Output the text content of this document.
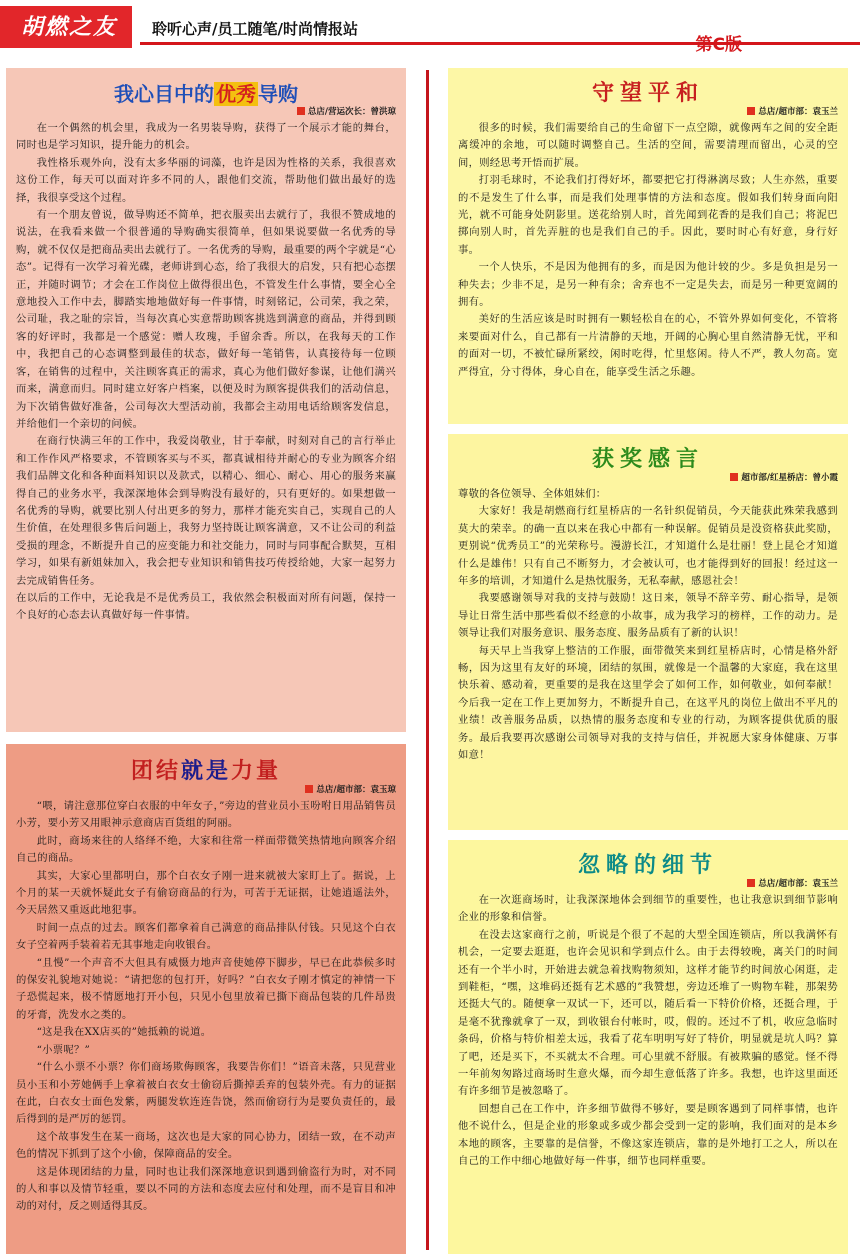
胡燃之友	聆听心声/员工随笔/时尚情报站
第C版
我心目中的 优秀 导购
总店/营运次长：曾洪琼

在一个偶然的机会里，我成为一名男装导购，获得了一个展示才能的舞台，同时也是学习知识，提升能力的机会。

我性格乐观外向，没有太多华丽的词藻，也许是因为性格的关系，我很喜欢这份工作，每天可以面对许多不同的人，跟他们交流，帮助他们做出最好的选择，我很享受这个过程。

有一个朋友曾说，做导购还不简单，把衣服卖出去就行了，我很不赞成地的说法，在我看来做一个很普通的导购确实很简单，但如果说要做一名优秀的导购，就不仅仅是把商品卖出去就行了。一名优秀的导购，最重要的两个字就是“心态”。记得有一次学习着光碟，老师讲到心态，给了我很大的启发，只有把心态摆正，并随时调节；才会在工作岗位上做得很出色，不管发生什么事情，要全心全意地投入工作中去，脚踏实地地做好每一件事情，时刻铭记，公司荣，我之荣，公司耻，我之耻的宗旨，当每次真心实意帮助顾客挑选到满意的商品，并得到顾客的好评时，我都是一个感觉：赠人玫瑰，手留余香。所以，在我每天的工作中，我把自己的心态调整到最佳的状态，做好每一笔销售，认真接待每一位顾客，在销售的过程中，关注顾客真正的需求，真心为他们做好参谋，让他们满兴而来，满意而归。同时建立好客户档案，以便及时为顾客提供我们的活动信息，为下次销售做好准备，公司每次大型活动前，我都会主动用电话给顾客发信息，并给他们一个亲切的问候。

在商行快满三年的工作中，我爱岗敬业，甘于奉献，时刻对自己的言行举止和工作作风严格要求，不管顾客买与不买，都真诚相待并耐心的专业为顾客介绍我们品牌文化和各种面料知识以及款式，以精心、细心、耐心、用心的服务来赢得自己的业务水平，我深深地体会到导购没有最好的，只有更好的。如果想做一名优秀的导购，就要比别人付出更多的努力，那样才能充实自己，实现自己的人生价值，在处理很多售后问题上，我努力坚持既让顾客满意，又不让公司的利益受损的理念，不断提升自己的应变能力和社交能力，同时与同事配合默契，互相学习，如果有新姐妹加入，我会把专业知识和销售技巧传授给她，大家一起努力去完成销售任务。

在以后的工作中，无论我是不是优秀员工，我依然会积极面对所有问题，保持一个良好的心态去认真做好每一件事情。

团结就是力量
总店/超市部：袁玉琼

“喂，请注意那位穿白衣服的中年女子，”旁边的营业员小玉吩咐日用品销售员小芳，要小芳又用眼神示意商店百货组的阿丽。

此时，商场来往的人络绎不绝，大家和往常一样面带微笑热情地向顾客介绍自己的商品。

其实，大家心里都明白，那个白衣女子刚一进来就被大家盯上了。据说，上个月的某一天就怀疑此女子有偷窃商品的行为，可苦于无证据，让她逍遥法外，今天居然又重返此地犯事。

时间一点点的过去。顾客们都拿着自己满意的商品排队付钱。只见这个白衣女子空着两手装着若无其事地走向收银台。

“且慢”一个声音不大但具有威慑力地声音使她停下脚步，早已在此恭候多时的保安礼貌地对她说：“请把您的包打开，好吗？”白衣女子刚才慎定的神情一下子恐慌起来，极不情愿地打开小包，只见小包里放着已撕下商品包装的几件昂贵的牙膏，洗发水之类的。

“这是我在XX店买的”她抵赖的说道。

“小票呢？”

“什么小票不小票？你们商场欺侮顾客，我要告你们！”语音未落，只见营业员小玉和小芳她俩手上拿着被白衣女士偷窃后撕掉丢弃的包装外壳。有力的证据在此，白衣女士面色发紫，两腿发软连连告饶，然而偷窃行为是要负责任的，最后得到的是严厉的惩罚。

这个故事发生在某一商场，这次也是大家的同心协力，团结一致，在不动声色的情况下抓到了这个小偷，保障商品的安全。

这是体现团结的力量，同时也让我们深深地意识到遇到偷盗行为时，对不同的人和事以及情节轻重，要以不同的方法和态度去应付和处理，而不是盲目和冲动的对付，反之则适得其反。

守望平和
总店/超市部：袁玉兰

很多的时候，我们需要给自己的生命留下一点空隙，就像两车之间的安全距离缓冲的余地，可以随时调整自己。生活的空间，需要清理而留出，心灵的空间，则经思考开悟而扩展。

打羽毛球时，不论我们打得好坏，都要把它打得淋漓尽致；人生亦然，重要的不是发生了什么事，而是我们处理事情的方法和态度。假如我们转身面向阳光，就不可能身处阴影里。送花给别人时，首先闻到花香的是我们自己；将泥巴掷向别人时，首先弄脏的也是我们自己的手。因此，要时时心有好意，身行好事。

一个人快乐，不是因为他拥有的多，而是因为他计较的少。多是负担是另一种失去；少非不足，是另一种有余；舍弃也不一定是失去，而是另一种更宽阔的拥有。

美好的生活应该是时时拥有一颗轻松自在的心，不管外界如何变化，不管将来要面对什么，自己都有一片清静的天地，开阔的心胸心里自然清静无忧，平和的面对一切，不被忙碌所紧绞，闲时吃得，忙里悠闲。待人不严，教人勿高。宽严得宜，分寸得体，身心自在，能享受生活之乐趣。

获奖感言
超市部/红星桥店：曾小霞

尊敬的各位领导、全体姐妹们：

大家好！我是胡燃商行红星桥店的一名针织促销员，今天能获此殊荣我感到莫大的荣幸。的确一直以来在我心中都有一种误解。促销员是没资格获此奖励，更别说“优秀员工”的光荣称号。漫游长江，才知道什么是壮丽！登上昆仑才知道什么是雄伟！只有自己不断努力，才会被认可，也才能得到好的回报！经过这一年多的培训，才知道什么是热忱服务，无私奉献，感恩社会！

我要感谢领导对我的支持与鼓励！这日来，领导不辞辛劳、耐心指导，是领导让日常生活中那些看似不经意的小故事，成为我学习的榜样，工作的动力。是领导让我们对服务意识、服务态度、服务品质有了新的认识！

每天早上当我穿上整洁的工作服，面带微笑来到红星桥店时，心情是格外舒畅，因为这里有友好的环境，团结的氛围，就像是一个温馨的大家庭，我在这里快乐着、感动着，更重要的是我在这里学会了如何工作，如何敬业，如何奉献！今后我一定在工作上更加努力，不断提升自己，在这平凡的岗位上做出不平凡的业绩！改善服务品质，以热情的服务态度和专业的行动，为顾客提供优质的服务。最后我要再次感谢公司领导对我的支持与信任，并祝愿大家身体健康、万事如意！

忽略的细节
总店/超市部：袁玉兰

在一次逛商场时，让我深深地体会到细节的重要性，也让我意识到细节影响企业的形象和信誉。

在没去这家商行之前，听说是个很了不起的大型全国连锁店，所以我满怀有机会，一定要去逛逛，也许会见识和学到点什么。由于去得较晚，离关门的时间还有一个半小时，开始进去就急着找购物须知，这样才能节约时间放心闲逛，走到鞋柜，“嘿，这堆码还挺有艺术感的”我赞想，旁边还堆了一购物车鞋，那架势还挺大气的。随便拿一双试一下，还可以，随后看一下特价价格，还挺合理，于是毫不犹豫就拿了一双，到收银台付帐时，哎，假的。还过不了机，收应急临时条码，价格与特价相差太远，我看了花车明明写好了特价，明显就是坑人吗？算了吧，还是买下，不买就太不合理。可心里就不舒服。有被欺骗的感觉。怪不得一年前匆匆路过商场时生意火爆，而今却生意低落了许多。我想，也许这里面还有许多细节是被忽略了。

回想自己在工作中，许多细节做得不够好，要是顾客遇到了同样事情，也许他不说什么，但是企业的形象或多或少都会受到一定的影响，我们面对的是本乡本地的顾客，主要靠的是信誉，不像这家连锁店，靠的是外地打工之人，所以在自己的工作中细心地做好每一件事，细节也同样重要。
